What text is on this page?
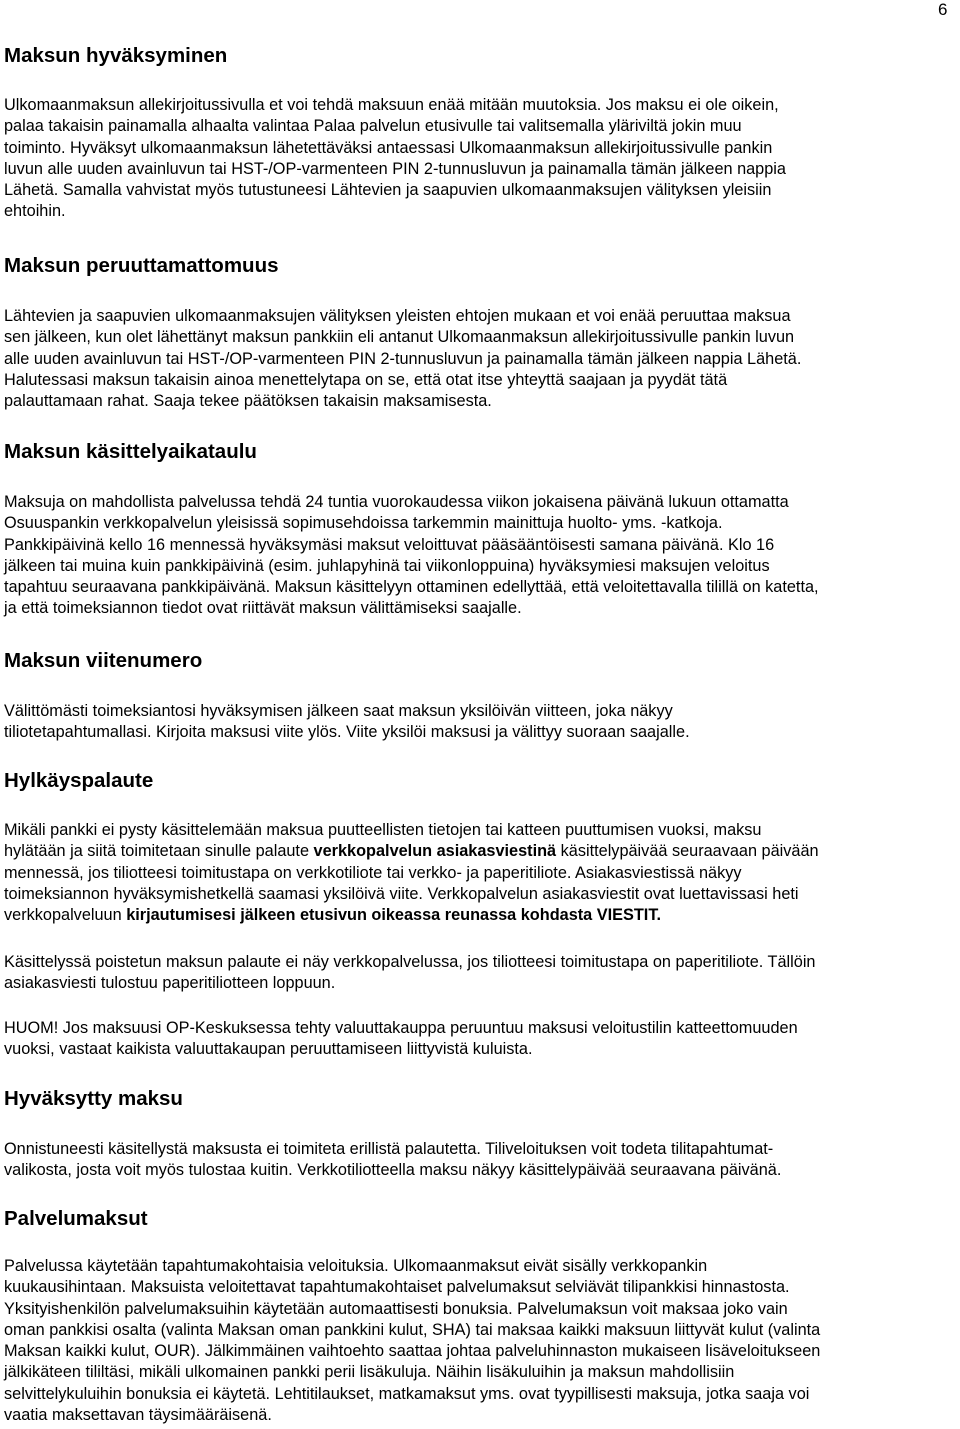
6
Maksun hyväksyminen

Ulkomaanmaksun allekirjoitussivulla et voi tehdä maksuun enää mitään muutoksia. Jos maksu ei ole oikein,
palaa takaisin painamalla alhaalta valintaa Palaa palvelun etusivulle tai valitsemalla yläriviltä jokin muu
toiminto. Hyväksyt ulkomaanmaksun lähetettäväksi antaessasi Ulkomaanmaksun allekirjoitussivulle pankin
luvun alle uuden avainluvun tai HST-/OP-varmenteen PIN 2-tunnusluvun ja painamalla tämän jälkeen nappia
Lähetä. Samalla vahvistat myös tutustuneesi Lähtevien ja saapuvien ulkomaanmaksujen välityksen yleisiin
ehtoihin.

Maksun peruuttamattomuus

Lähtevien ja saapuvien ulkomaanmaksujen välityksen yleisten ehtojen mukaan et voi enää peruuttaa maksua
sen jälkeen, kun olet lähettänyt maksun pankkiin eli antanut Ulkomaanmaksun allekirjoitussivulle pankin luvun
alle uuden avainluvun tai HST-/OP-varmenteen PIN 2-tunnusluvun ja painamalla tämän jälkeen nappia Lähetä.
Halutessasi maksun takaisin ainoa menettelytapa on se, että otat itse yhteyttä saajaan ja pyydät tätä
palauttamaan rahat. Saaja tekee päätöksen takaisin maksamisesta.

Maksun käsittelyaikataulu

Maksuja on mahdollista palvelussa tehdä 24 tuntia vuorokaudessa viikon jokaisena päivänä lukuun ottamatta
Osuuspankin verkkopalvelun yleisissä sopimusehdoissa tarkemmin mainittuja huolto- yms. -katkoja.
Pankkipäivinä kello 16 mennessä hyväksymäsi maksut veloittuvat pääsääntöisesti samana päivänä. Klo 16
jälkeen tai muina kuin pankkipäivinä (esim. juhlapyhinä tai viikonloppuina) hyväksymiesi maksujen veloitus
tapahtuu seuraavana pankkipäivänä. Maksun käsittelyyn ottaminen edellyttää, että veloitettavalla tilillä on katetta,
ja että toimeksiannon tiedot ovat riittävät maksun välittämiseksi saajalle.

Maksun viitenumero

Välittömästi toimeksiantosi hyväksymisen jälkeen saat maksun yksilöivän viitteen, joka näkyy
tiliotetapahtumallasi. Kirjoita maksusi viite ylös. Viite yksilöi maksusi ja välittyy suoraan saajalle.

Hylkäyspalaute

Mikäli pankki ei pysty käsittelemään maksua puutteellisten tietojen tai katteen puuttumisen vuoksi, maksu
hylätään ja siitä toimitetaan sinulle palaute verkkopalvelun asiakasviestinä käsittelypäivää seuraavaan päivään
mennessä, jos tiliotteesi toimitustapa on verkkotiliote tai verkko- ja paperitiliote. Asiakasviestissä näkyy
toimeksiannon hyväksymishetkellä saamasi yksilöivä viite. Verkkopalvelun asiakasviestit ovat luettavissasi heti
verkkopalveluun kirjautumisesi jälkeen etusivun oikeassa reunassa kohdasta VIESTIT.

Käsittelyssä poistetun maksun palaute ei näy verkkopalvelussa, jos tiliotteesi toimitustapa on paperitiliote. Tällöin
asiakasviesti tulostuu paperitiliotteen loppuun.

HUOM! Jos maksuusi OP-Keskuksessa tehty valuuttakauppa peruuntuu maksusi veloitustilin katteettomuuden
vuoksi, vastaat kaikista valuuttakaupan peruuttamiseen liittyvistä kuluista.

Hyväksytty maksu

Onnistuneesti käsitellystä maksusta ei toimiteta erillistä palautetta. Tiliveloituksen voit todeta tilitapahtumat-
valikosta, josta voit myös tulostaa kuitin. Verkkotiliotteella maksu näkyy käsittelypäivää seuraavana päivänä.

Palvelumaksut

Palvelussa käytetään tapahtumakohtaisia veloituksia. Ulkomaanmaksut eivät sisälly verkkopankin
kuukausihintaan. Maksuista veloitettavat tapahtumakohtaiset palvelumaksut selviävät tilipankkisi hinnastosta.
Yksityishenkilön palvelumaksuihin käytetään automaattisesti bonuksia. Palvelumaksun voit maksaa joko vain
oman pankkisi osalta (valinta Maksan oman pankkini kulut, SHA) tai maksaa kaikki maksuun liittyvät kulut (valinta
Maksan kaikki kulut, OUR). Jälkimmäinen vaihtoehto saattaa johtaa palveluhinnaston mukaiseen lisäveloitukseen
jälkikäteen tililtäsi, mikäli ulkomainen pankki perii lisäkuluja. Näihin lisäkuluihin ja maksun mahdollisiin
selvittelykuluihin bonuksia ei käytetä. Lehtitilaukset, matkamaksut yms. ovat tyypillisesti maksuja, jotka saaja voi
vaatia maksettavan täysimääräisenä.
